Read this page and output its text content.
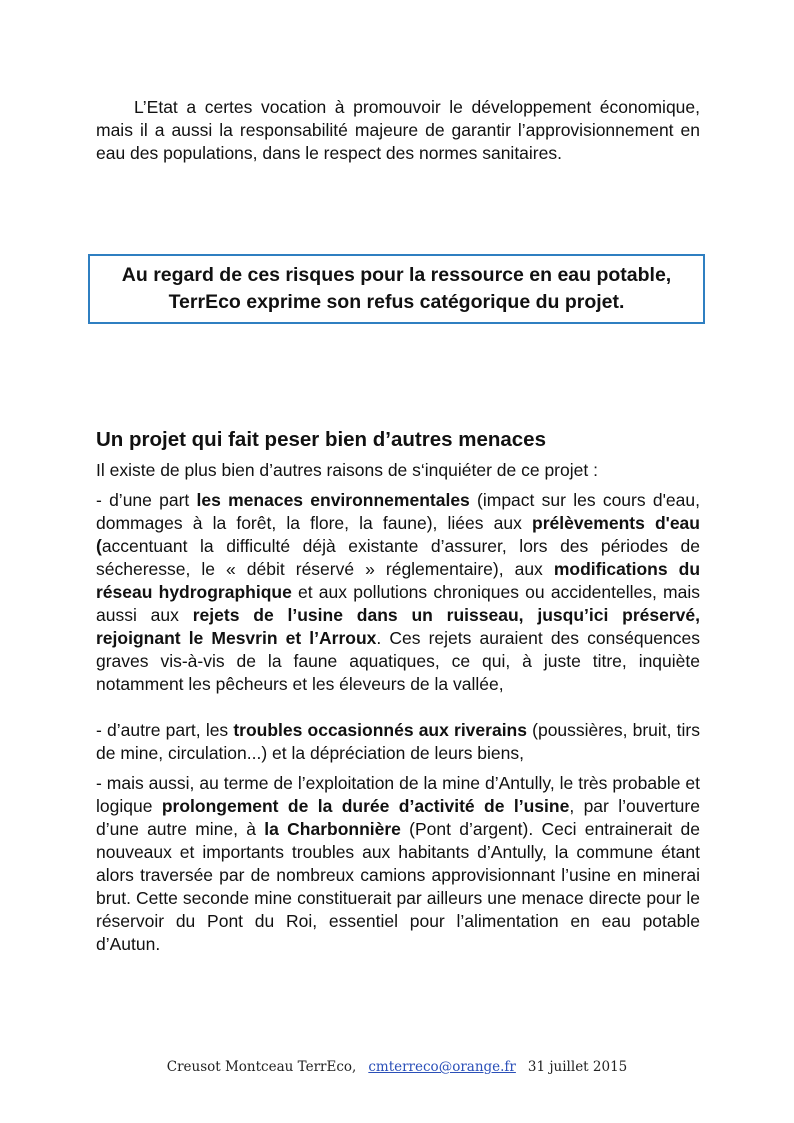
L’Etat a certes vocation à promouvoir le développement économique, mais il a aussi la responsabilité majeure de garantir l’approvisionnement en eau des populations, dans le respect des normes sanitaires.

Au regard de ces risques pour la ressource en eau potable, TerrEco exprime son refus catégorique du projet.
Un projet qui fait peser bien d’autres menaces

Il existe de plus bien d’autres raisons de s‘inquiéter de ce projet :

- d’une part les menaces environnementales (impact sur les cours d'eau, dommages à la forêt, la flore, la faune), liées aux prélèvements d'eau (accentuant la difficulté déjà existante d’assurer, lors des périodes de sécheresse, le « débit réservé » réglementaire), aux modifications du réseau hydrographique et aux pollutions chroniques ou accidentelles, mais aussi aux rejets de l’usine dans un ruisseau, jusqu’ici préservé, rejoignant le Mesvrin et l’Arroux. Ces rejets auraient des conséquences graves vis-à-vis de la faune aquatiques, ce qui, à juste titre, inquiète notamment les pêcheurs et les éleveurs de la vallée,

- d’autre part, les troubles occasionnés aux riverains (poussières, bruit, tirs de mine, circulation...) et la dépréciation de leurs biens,

- mais aussi, au terme de l’exploitation de la mine d’Antully, le très probable et logique prolongement de la durée d’activité de l’usine, par l’ouverture d’une autre mine, à la Charbonnière (Pont d’argent). Ceci entrainerait de nouveaux et importants troubles aux habitants d’Antully, la commune étant alors traversée par de nombreux camions approvisionnant l’usine en minerai brut. Cette seconde mine constituerait par ailleurs une menace directe pour le réservoir du Pont du Roi, essentiel pour l’alimentation en eau potable d’Autun.

Creusot Montceau TerrEco, cmterreco@orange.fr 31 juillet 2015
